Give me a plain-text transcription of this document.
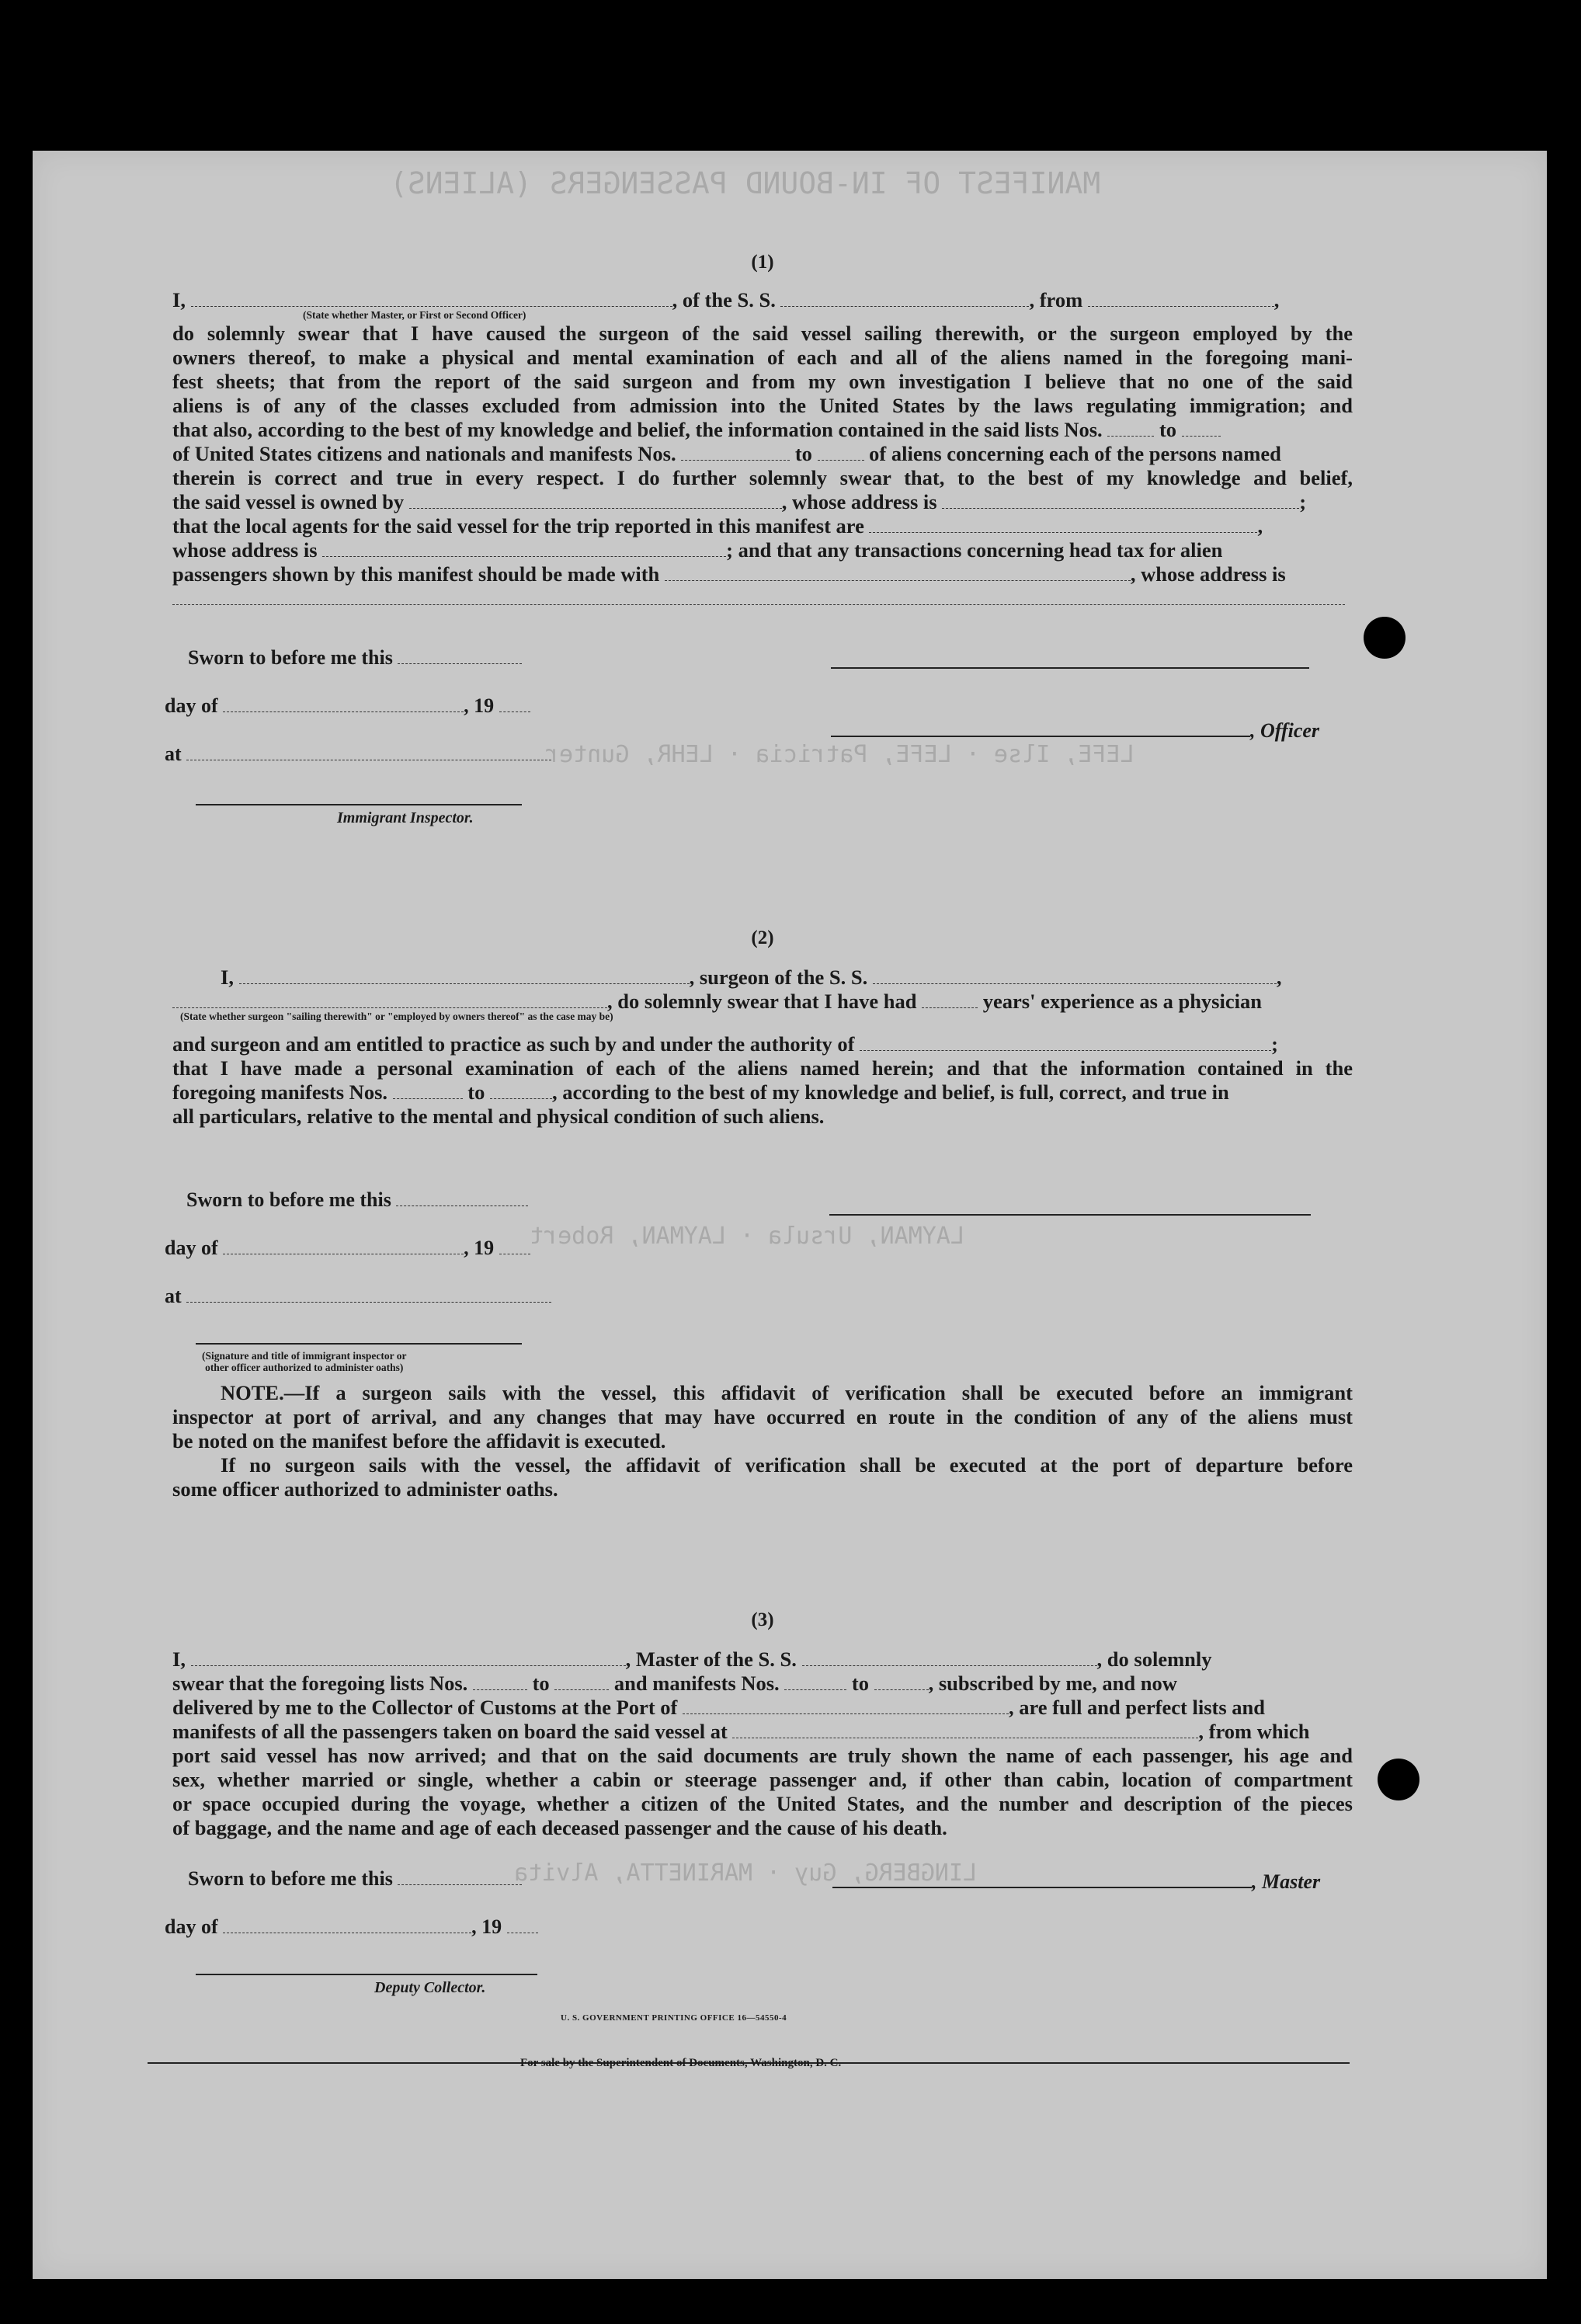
MANIFEST OF IN-BOUND PASSENGERS (ALIENS)
LEFE, Ilse · LEFE, Patricia · LEHR, Gunter
LAYMAN, Ursula · LAYMAN, Robert
LINGBERG, Guy · MARINETTA, Alvita
(1)
I,	, of the S. S.	, from	,
(State whether Master, or First or Second Officer)
do solemnly swear that I have caused the surgeon of the said vessel sailing therewith, or the surgeon employed by the
owners thereof, to make a physical and mental examination of each and all of the aliens named in the foregoing mani-
fest sheets; that from the report of the said surgeon and from my own investigation I believe that no one of the said
aliens is of any of the classes excluded from admission into the United States by the laws regulating immigration; and
that also, according to the best of my knowledge and belief, the information contained in the said lists Nos.	to
of United States citizens and nationals and manifests Nos.	to	of aliens concerning each of the persons named
therein is correct and true in every respect. I do further solemnly swear that, to the best of my knowledge and belief,
the said vessel is owned by	, whose address is	;
that the local agents for the said vessel for the trip reported in this manifest are	,
whose address is	; and that any transactions concerning head tax for alien
passengers shown by this manifest should be made with	, whose address is
Sworn to before me this
day of	, 19
at
Immigrant Inspector.
, Officer
(2)
I,	, surgeon of the S. S.	,
, do solemnly swear that I have had	years' experience as a physician
(State whether surgeon "sailing therewith" or "employed by owners thereof" as the case may be)
and surgeon and am entitled to practice as such by and under the authority of	;
that I have made a personal examination of each of the aliens named herein; and that the information contained in the
foregoing manifests Nos.	to	, according to the best of my knowledge and belief, is full, correct, and true in
all particulars, relative to the mental and physical condition of such aliens.
Sworn to before me this
day of	, 19
at
(Signature and title of immigrant inspector or
other officer authorized to administer oaths)
NOTE.—If a surgeon sails with the vessel, this affidavit of verification shall be executed before an immigrant
inspector at port of arrival, and any changes that may have occurred en route in the condition of any of the aliens must
be noted on the manifest before the affidavit is executed.
If no surgeon sails with the vessel, the affidavit of verification shall be executed at the port of departure before
some officer authorized to administer oaths.
(3)
I,	, Master of the S. S.	, do solemnly
swear that the foregoing lists Nos.	to	and manifests Nos.	to	, subscribed by me, and now
delivered by me to the Collector of Customs at the Port of	, are full and perfect lists and
manifests of all the passengers taken on board the said vessel at	, from which
port said vessel has now arrived; and that on the said documents are truly shown the name of each passenger, his age and
sex, whether married or single, whether a cabin or steerage passenger and, if other than cabin, location of compartment
or space occupied during the voyage, whether a citizen of the United States, and the number and description of the pieces
of baggage, and the name and age of each deceased passenger and the cause of his death.
Sworn to before me this
day of	, 19
Deputy Collector.
, Master
U. S. GOVERNMENT PRINTING OFFICE 16—54550-4
For sale by the Superintendent of Documents, Washington, D. C.
